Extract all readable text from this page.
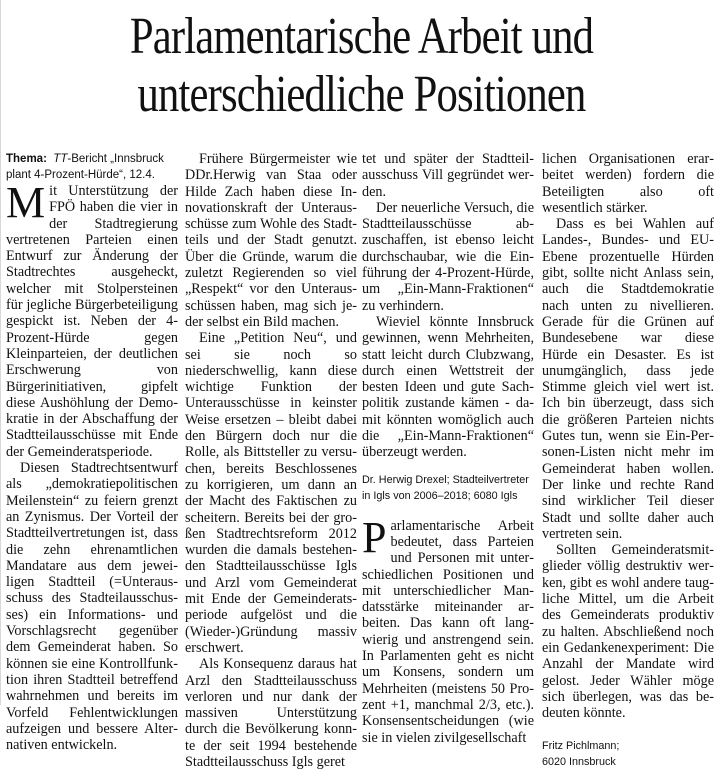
Parlamentarische Arbeit und
unterschiedliche Positionen

Thema: TT-Bericht „Innsbruck plant 4-Prozent-Hürde“, 12.4.

Mit Unterstützung der FPÖ haben die vier in der Stadtregierung vertretenen Parteien einen Entwurf zur Änderung der Stadtrechtes ausgeheckt, welcher mit Stolpersteinen für jegliche Bürgerbeteiligung gespickt ist. Neben der 4-Prozent-Hürde gegen Kleinparteien, der deutlichen Erschwerung von Bürgerinitiativen, gipfelt diese Aushöhlung der Demokratie in der Abschaffung der Stadtteilausschüsse mit Ende der Gemeinderatsperiode.

Diesen Stadtrechtsentwurf als „demokratiepolitischen Meilenstein“ zu feiern grenzt an Zynismus. Der Vorteil der Stadtteilvertretungen ist, dass die zehn ehrenamtlichen Mandatare aus dem jeweiligen Stadtteil (=Unterausschuss des Stadteilausschusses) ein Informations- und Vorschlagsrecht gegenüber dem Gemeinderat haben. So können sie eine Kontrollfunktion ihren Stadtteil betreffend wahrnehmen und bereits im Vorfeld Fehlentwicklungen aufzeigen und bessere Alternativen entwickeln.

Frühere Bürgermeister wie DDr.Herwig van Staa oder Hilde Zach haben diese Innovationskraft der Unterausschüsse zum Wohle des Stadtteils und der Stadt genutzt. Über die Gründe, warum die zuletzt Regierenden so viel „Respekt“ vor den Unterausschüssen haben, mag sich jeder selbst ein Bild machen.

Eine „Petition Neu“, und sei sie noch so niederschwellig, kann diese wichtige Funktion der Unterausschüsse in keinster Weise ersetzen – bleibt dabei den Bürgern doch nur die Rolle, als Bittsteller zu versuchen, bereits Beschlossenes zu korrigieren, um dann an der Macht des Faktischen zu scheitern. Bereits bei der großen Stadtrechtsreform 2012 wurden die damals bestehenden Stadtteilausschüsse Igls und Arzl vom Gemeinderat mit Ende der Gemeinderatsperiode aufgelöst und die (Wieder-)Gründung massiv erschwert.

Als Konsequenz daraus hat Arzl den Stadtteilausschuss verloren und nur dank der massiven Unterstützung durch die Bevölkerung konnte der seit 1994 bestehende Stadtteilausschuss Igls geret

tet und später der Stadtteilausschuss Vill gegründet werden.

Der neuerliche Versuch, die Stadtteilausschüsse abzuschaffen, ist ebenso leicht durchschaubar, wie die Einführung der 4-Prozent-Hürde, um „Ein-Mann-Fraktionen“ zu verhindern.

Wieviel könnte Innsbruck gewinnen, wenn Mehrheiten, statt leicht durch Clubzwang, durch einen Wettstreit der besten Ideen und gute Sachpolitik zustande kämen - damit könnten womöglich auch die „Ein-Mann-Fraktionen“ überzeugt werden.

Dr. Herwig Drexel; Stadteilvertreter in Igls von 2006–2018; 6080 Igls

Parlamentarische Arbeit bedeutet, dass Parteien und Personen mit unterschiedlichen Positionen und mit unterschiedlicher Mandatsstärke miteinander arbeiten. Das kann oft langwierig und anstrengend sein. In Parlamenten geht es nicht um Konsens, sondern um Mehrheiten (meistens 50 Prozent +1, manchmal 2/3, etc.). Konsensentscheidungen (wie sie in vielen zivilgesellschaft

lichen Organisationen erarbeitet werden) fordern die Beteiligten also oft wesentlich stärker.

Dass es bei Wahlen auf Landes-, Bundes- und EU-Ebene prozentuelle Hürden gibt, sollte nicht Anlass sein, auch die Stadtdemokratie nach unten zu nivellieren. Gerade für die Grünen auf Bundesebene war diese Hürde ein Desaster. Es ist unumgänglich, dass jede Stimme gleich viel wert ist. Ich bin überzeugt, dass sich die größeren Parteien nichts Gutes tun, wenn sie Ein-Personen-Listen nicht mehr im Gemeinderat haben wollen. Der linke und rechte Rand sind wirklicher Teil dieser Stadt und sollte daher auch vertreten sein.

Sollten Gemeinderatsmitglieder völlig destruktiv werken, gibt es wohl andere taugliche Mittel, um die Arbeit des Gemeinderats produktiv zu halten. Abschließend noch ein Gedankenexperiment: Die Anzahl der Mandate wird gelost. Jeder Wähler möge sich überlegen, was das bedeuten könnte.

Fritz Pichlmann;
6020 Innsbruck
